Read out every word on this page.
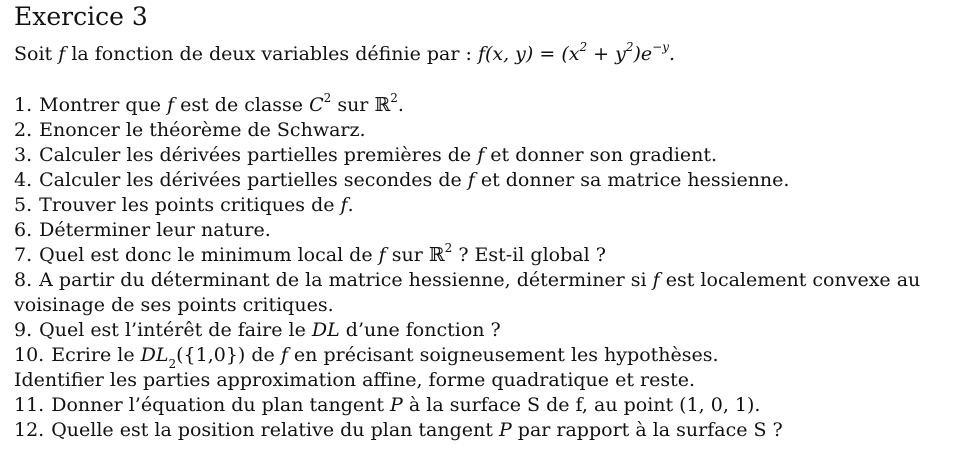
Exercice 3
Soit f la fonction de deux variables définie par : f(x, $y) = (x^2 + y^2)e^{-y}$.
1. Montrer que f est de classe $C^2$ sur ℝ$^2$.
2. Enoncer le théorème de Schwarz.
3. Calculer les dérivées partielles premières de f et donner son gradient.
4. Calculer les dérivées partielles secondes de f et donner sa matrice hessienne.
5. Trouver les points critiques de f.
6. Déterminer leur nature.
7. Quel est donc le minimum local de f sur ℝ$^2$ ? Est-il global ?
8. A partir du déterminant de la matrice hessienne, déterminer si f est localement convexe au voisinage de ses points critiques.
9. Quel est l’intérêt de faire le DL d’une fonction ?
10. Ecrire le $DL_2(\{1,0\})$ de f en précisant soigneusement les hypothèses.
Identifier les parties approximation affine, forme quadratique et reste.
11. Donner l’équation du plan tangent P à la surface S de f, au point (1, 0, 1).
12. Quelle est la position relative du plan tangent P par rapport à la surface S ?
